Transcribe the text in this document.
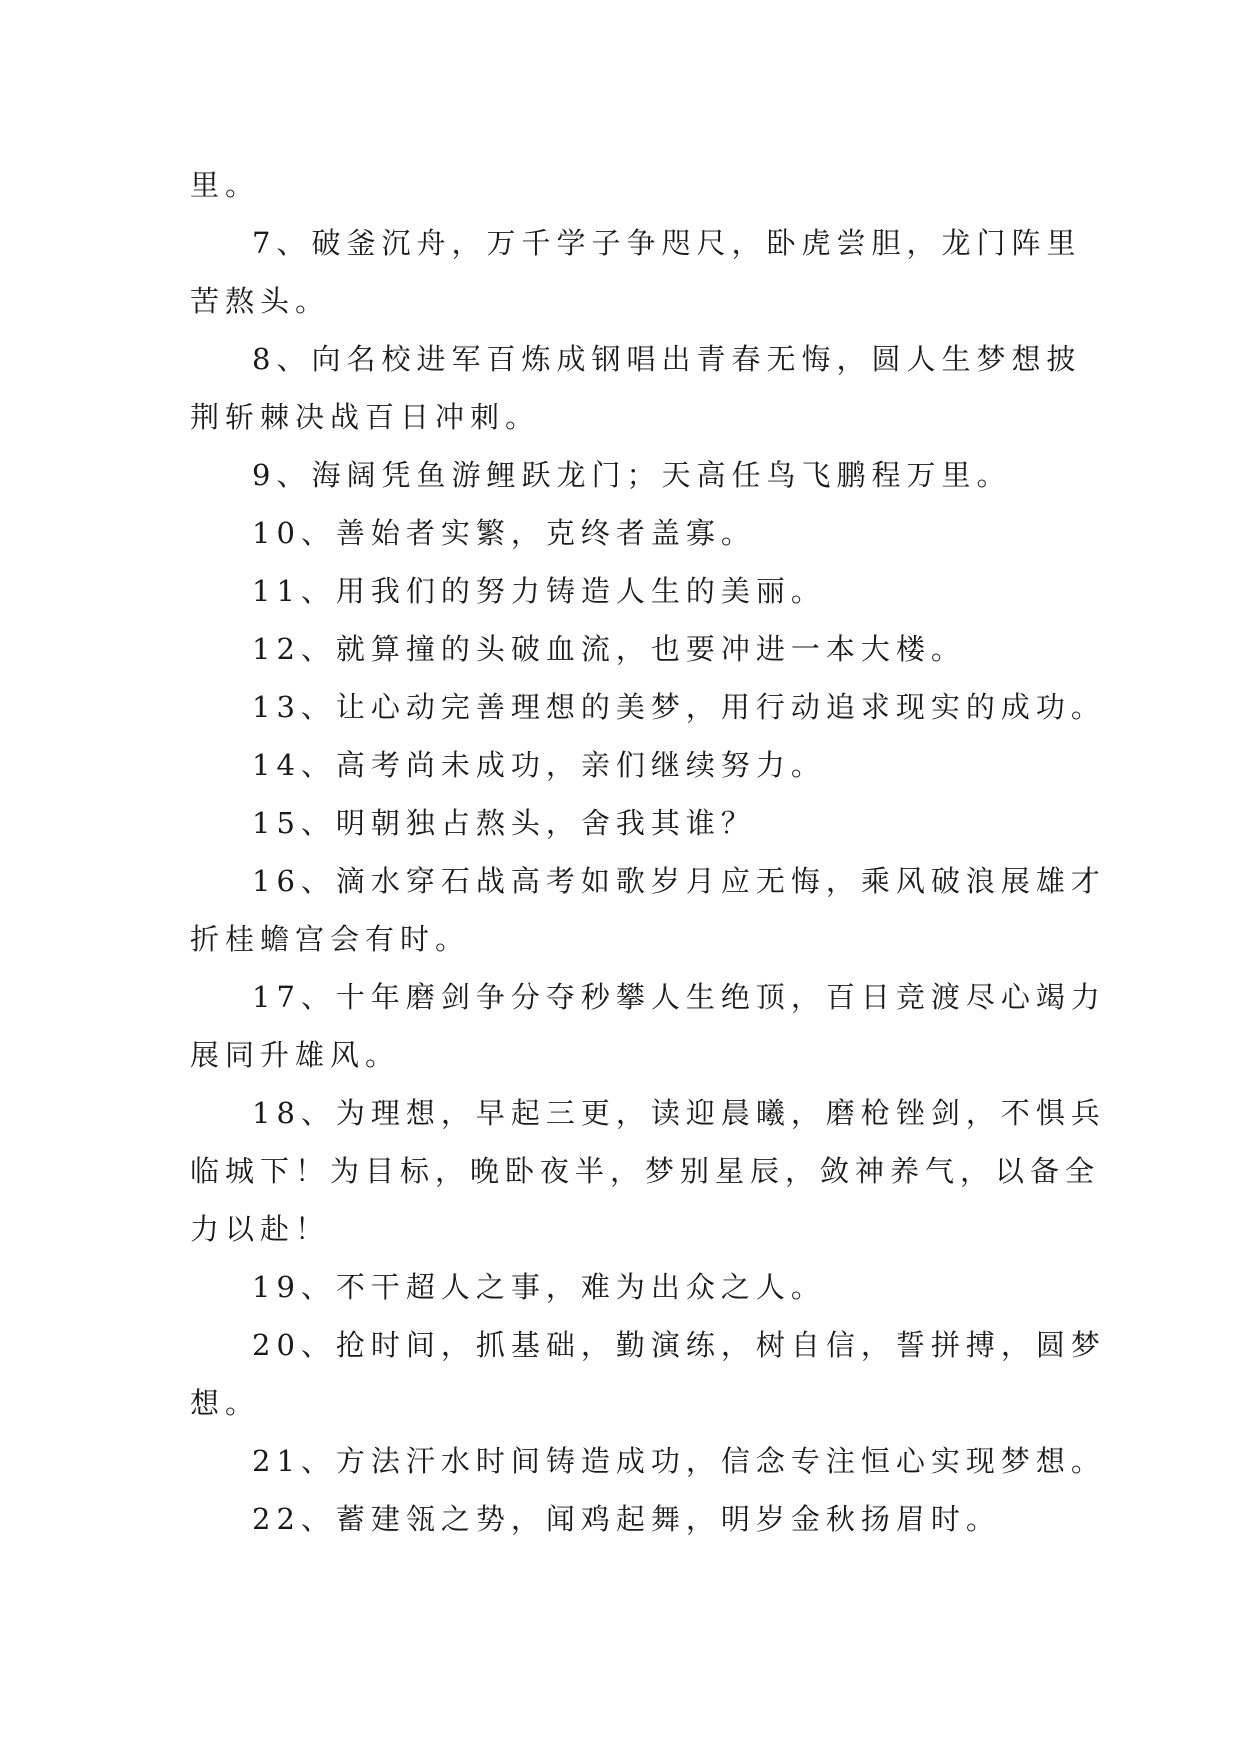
里。
7、破釜沉舟，万千学子争咫尺，卧虎尝胆，龙门阵里
苦熬头。
8、向名校进军百炼成钢唱出青春无悔，圆人生梦想披
荆斩棘决战百日冲刺。
9、海阔凭鱼游鲤跃龙门；天高任鸟飞鹏程万里。
10、善始者实繁，克终者盖寡。
11、用我们的努力铸造人生的美丽。
12、就算撞的头破血流，也要冲进一本大楼。
13、让心动完善理想的美梦，用行动追求现实的成功。
14、高考尚未成功，亲们继续努力。
15、明朝独占熬头，舍我其谁？
16、滴水穿石战高考如歌岁月应无悔，乘风破浪展雄才
折桂蟾宫会有时。
17、十年磨剑争分夺秒攀人生绝顶，百日竞渡尽心竭力
展同升雄风。
18、为理想，早起三更，读迎晨曦，磨枪锉剑，不惧兵
临城下！为目标，晚卧夜半，梦别星辰，敛神养气，以备全
力以赴！
19、不干超人之事，难为出众之人。
20、抢时间，抓基础，勤演练，树自信，誓拼搏，圆梦
想。
21、方法汗水时间铸造成功，信念专注恒心实现梦想。
22、蓄建瓴之势，闻鸡起舞，明岁金秋扬眉时。
